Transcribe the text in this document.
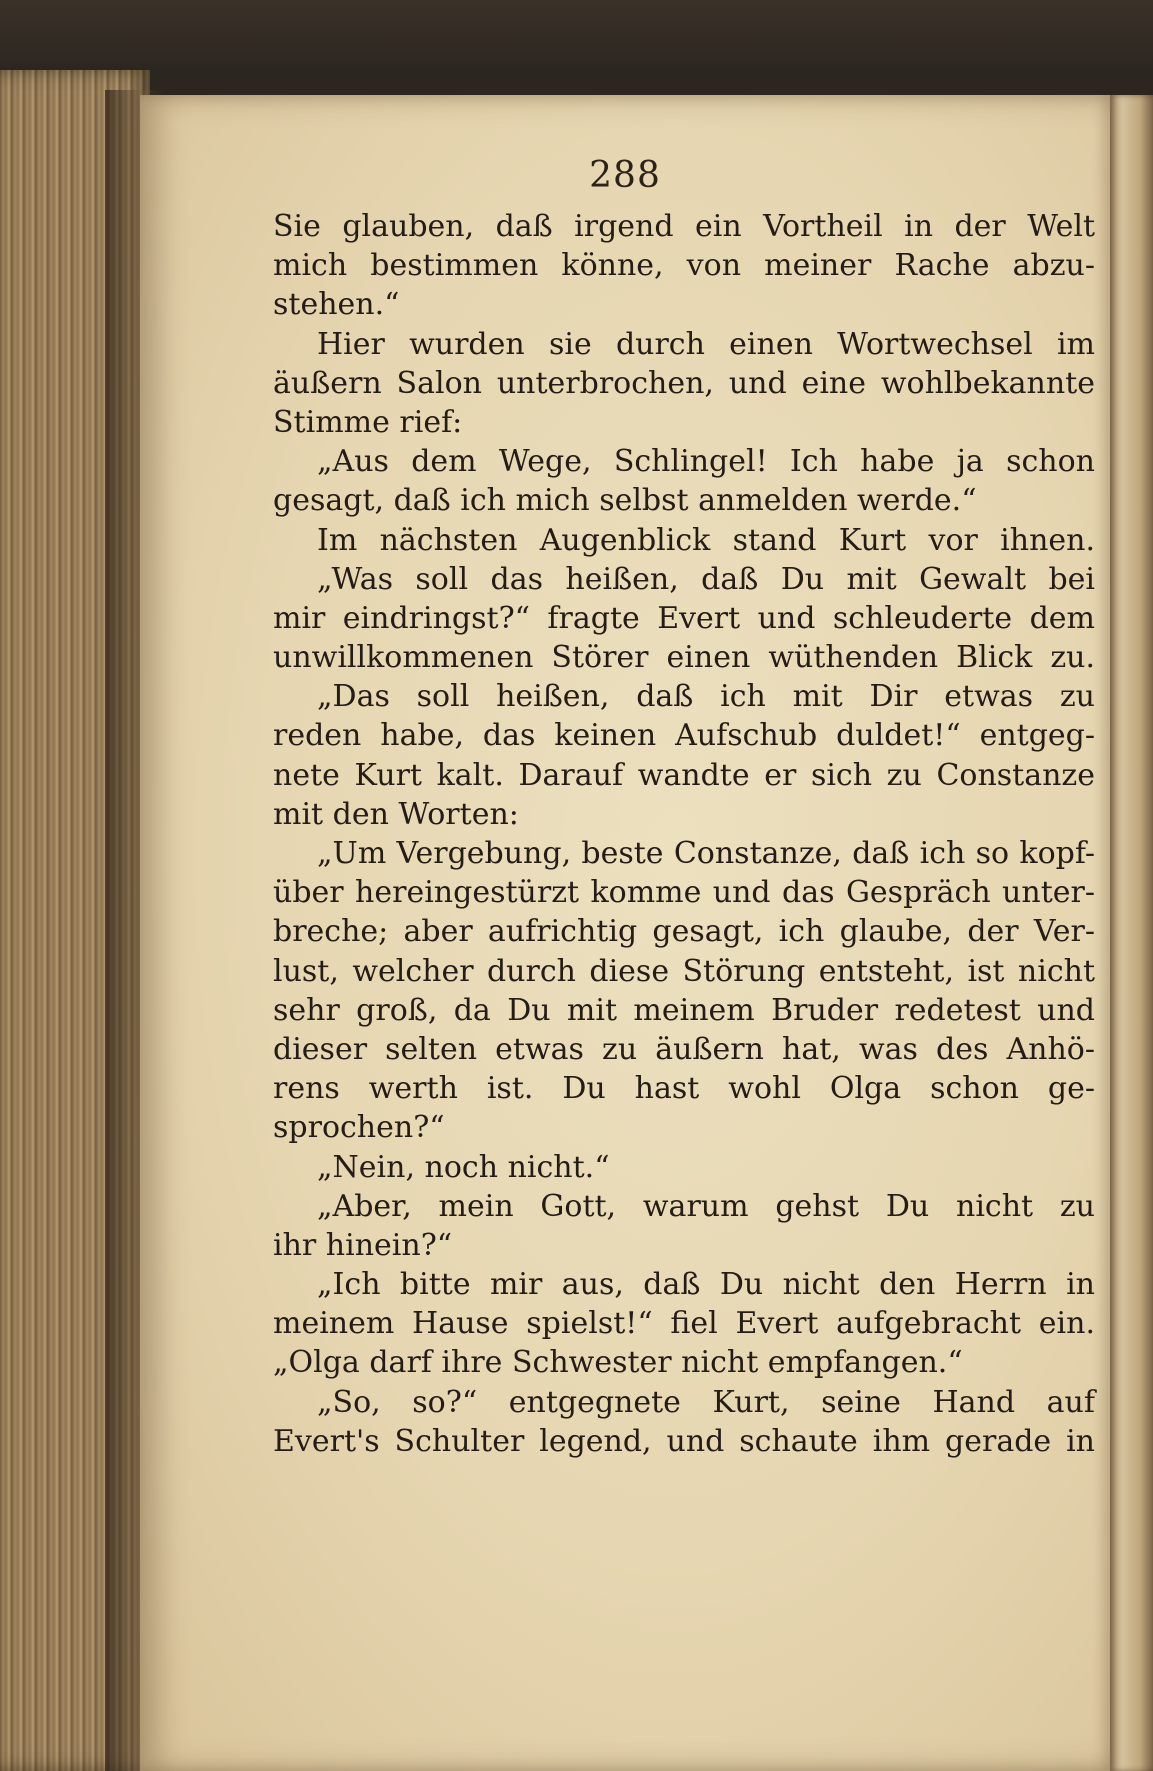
288
Sie glauben, daß irgend ein Vortheil in der Welt
mich bestimmen könne, von meiner Rache abzu-
stehen.“
Hier wurden sie durch einen Wortwechsel im
äußern Salon unterbrochen, und eine wohlbekannte
Stimme rief:
„Aus dem Wege, Schlingel! Ich habe ja schon
gesagt, daß ich mich selbst anmelden werde.“
Im nächsten Augenblick stand Kurt vor ihnen.
„Was soll das heißen, daß Du mit Gewalt bei
mir eindringst?“ fragte Evert und schleuderte dem
unwillkommenen Störer einen wüthenden Blick zu.
„Das soll heißen, daß ich mit Dir etwas zu
reden habe, das keinen Aufschub duldet!“ entgeg-
nete Kurt kalt. Darauf wandte er sich zu Constanze
mit den Worten:
„Um Vergebung, beste Constanze, daß ich so kopf-
über hereingestürzt komme und das Gespräch unter-
breche; aber aufrichtig gesagt, ich glaube, der Ver-
lust, welcher durch diese Störung entsteht, ist nicht
sehr groß, da Du mit meinem Bruder redetest und
dieser selten etwas zu äußern hat, was des Anhö-
rens werth ist. Du hast wohl Olga schon ge-
sprochen?“
„Nein, noch nicht.“
„Aber, mein Gott, warum gehst Du nicht zu
ihr hinein?“
„Ich bitte mir aus, daß Du nicht den Herrn in
meinem Hause spielst!“ fiel Evert aufgebracht ein.
„Olga darf ihre Schwester nicht empfangen.“
„So, so?“ entgegnete Kurt, seine Hand auf
Evert's Schulter legend, und schaute ihm gerade in
